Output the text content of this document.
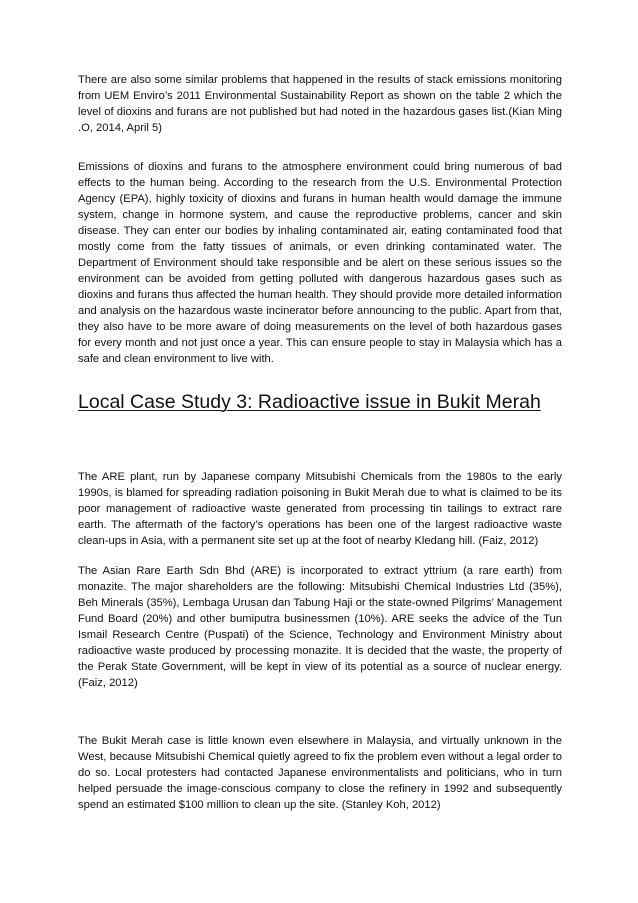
There are also some similar problems that happened in the results of stack emissions monitoring from UEM Enviro’s 2011 Environmental Sustainability Report as shown on the table 2 which the level of dioxins and furans are not published but had noted in the hazardous gases list.(Kian Ming .O, 2014, April 5)

Emissions of dioxins and furans to the atmosphere environment could bring numerous of bad effects to the human being. According to the research from the U.S. Environmental Protection Agency (EPA), highly toxicity of dioxins and furans in human health would damage the immune system, change in hormone system, and cause the reproductive problems, cancer and skin disease. They can enter our bodies by inhaling contaminated air, eating contaminated food that mostly come from the fatty tissues of animals, or even drinking contaminated water. The Department of Environment should take responsible and be alert on these serious issues so the environment can be avoided from getting polluted with dangerous hazardous gases such as dioxins and furans thus affected the human health. They should provide more detailed information and analysis on the hazardous waste incinerator before announcing to the public. Apart from that, they also have to be more aware of doing measurements on the level of both hazardous gases for every month and not just once a year. This can ensure people to stay in Malaysia which has a safe and clean environment to live with.

Local Case Study 3: Radioactive issue in Bukit Merah

The ARE plant, run by Japanese company Mitsubishi Chemicals from the 1980s to the early 1990s, is blamed for spreading radiation poisoning in Bukit Merah due to what is claimed to be its poor management of radioactive waste generated from processing tin tailings to extract rare earth. The aftermath of the factory’s operations has been one of the largest radioactive waste clean-ups in Asia, with a permanent site set up at the foot of nearby Kledang hill. (Faiz, 2012)

The Asian Rare Earth Sdn Bhd (ARE) is incorporated to extract yttrium (a rare earth) from monazite. The major shareholders are the following: Mitsubishi Chemical Industries Ltd (35%), Beh Minerals (35%), Lembaga Urusan dan Tabung Haji or the state-owned Pilgrims’ Management Fund Board (20%) and other bumiputra businessmen (10%). ARE seeks the advice of the Tun Ismail Research Centre (Puspati) of the Science, Technology and Environment Ministry about radioactive waste produced by processing monazite. It is decided that the waste, the property of the Perak State Government, will be kept in view of its potential as a source of nuclear energy. (Faiz, 2012)

The Bukit Merah case is little known even elsewhere in Malaysia, and virtually unknown in the West, because Mitsubishi Chemical quietly agreed to fix the problem even without a legal order to do so. Local protesters had contacted Japanese environmentalists and politicians, who in turn helped persuade the image-conscious company to close the refinery in 1992 and subsequently spend an estimated $100 million to clean up the site. (Stanley Koh, 2012)
